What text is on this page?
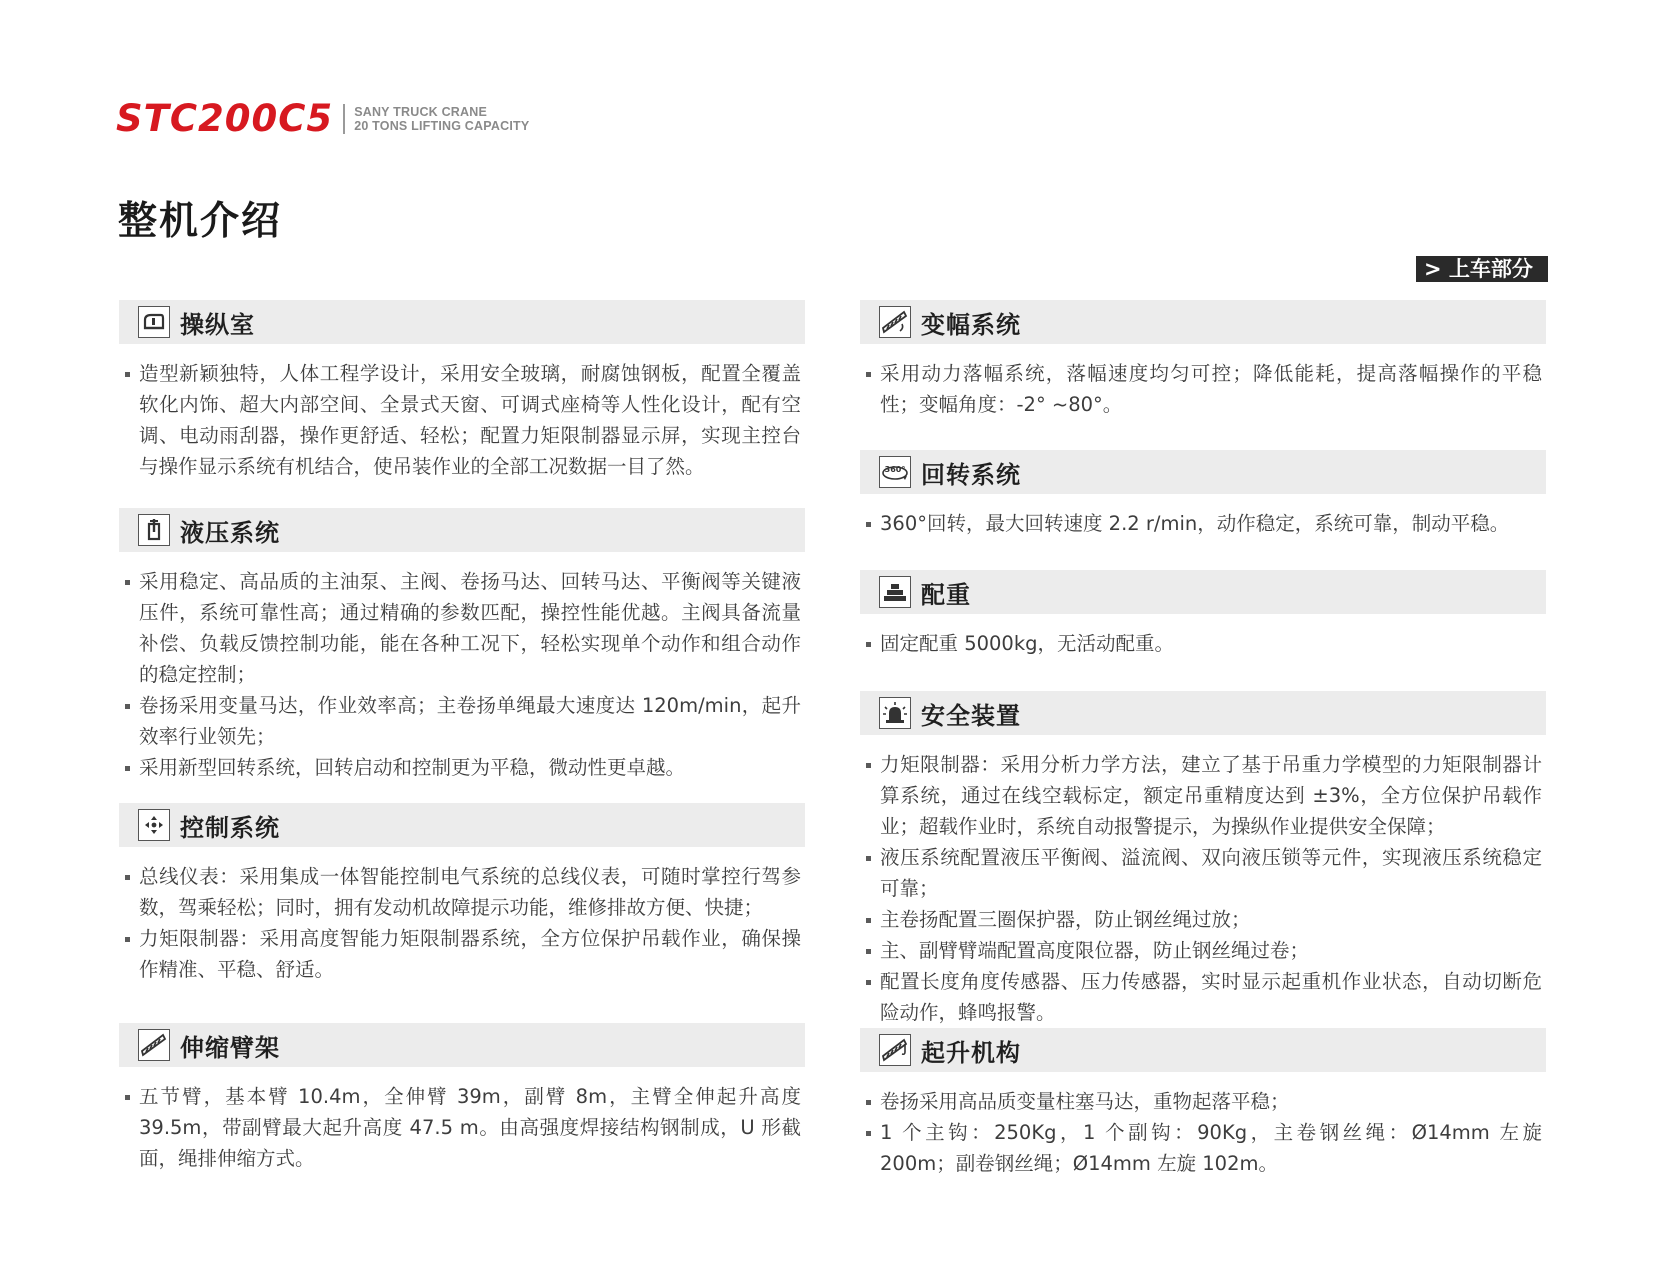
STC200C5 SANY TRUCK CRANE
20 TONS LIFTING CAPACITY
整机介绍
> 上车部分
操纵室
造型新颖独特，人体工程学设计，采用安全玻璃，耐腐蚀钢板，配置全覆盖软化内饰、超大内部空间、全景式天窗、可调式座椅等人性化设计，配有空调、电动雨刮器，操作更舒适、轻松；配置力矩限制器显示屏，实现主控台与操作显示系统有机结合，使吊装作业的全部工况数据一目了然。
液压系统
采用稳定、高品质的主油泵、主阀、卷扬马达、回转马达、平衡阀等关键液压件，系统可靠性高；通过精确的参数匹配，操控性能优越。主阀具备流量补偿、负载反馈控制功能，能在各种工况下，轻松实现单个动作和组合动作的稳定控制；
卷扬采用变量马达，作业效率高；主卷扬单绳最大速度达 120m/min，起升效率行业领先；
采用新型回转系统，回转启动和控制更为平稳，微动性更卓越。
控制系统
总线仪表：采用集成一体智能控制电气系统的总线仪表，可随时掌控行驾参数，驾乘轻松；同时，拥有发动机故障提示功能，维修排故方便、快捷；
力矩限制器：采用高度智能力矩限制器系统，全方位保护吊载作业，确保操作精准、平稳、舒适。
伸缩臂架
五节臂，基本臂 10.4m，全伸臂 39m，副臂 8m，主臂全伸起升高度 39.5m，带副臂最大起升高度 47.5 m。由高强度焊接结构钢制成，U 形截面，绳排伸缩方式。
变幅系统
采用动力落幅系统，落幅速度均匀可控；降低能耗，提高落幅操作的平稳性；变幅角度：-2° ~80°。
360° 回转系统
360°回转，最大回转速度 2.2 r/min，动作稳定，系统可靠，制动平稳。
配重
固定配重 5000kg，无活动配重。
安全装置
力矩限制器：采用分析力学方法，建立了基于吊重力学模型的力矩限制器计算系统，通过在线空载标定，额定吊重精度达到 ±3%，全方位保护吊载作业；超载作业时，系统自动报警提示，为操纵作业提供安全保障；
液压系统配置液压平衡阀、溢流阀、双向液压锁等元件，实现液压系统稳定可靠；
主卷扬配置三圈保护器，防止钢丝绳过放；
主、副臂臂端配置高度限位器，防止钢丝绳过卷；
配置长度角度传感器、压力传感器，实时显示起重机作业状态，自动切断危险动作，蜂鸣报警。
起升机构
卷扬采用高品质变量柱塞马达，重物起落平稳；
1 个主钩：250Kg，1 个副钩：90Kg，主卷钢丝绳：Ø14mm 左旋 200m；副卷钢丝绳；Ø14mm 左旋 102m。
